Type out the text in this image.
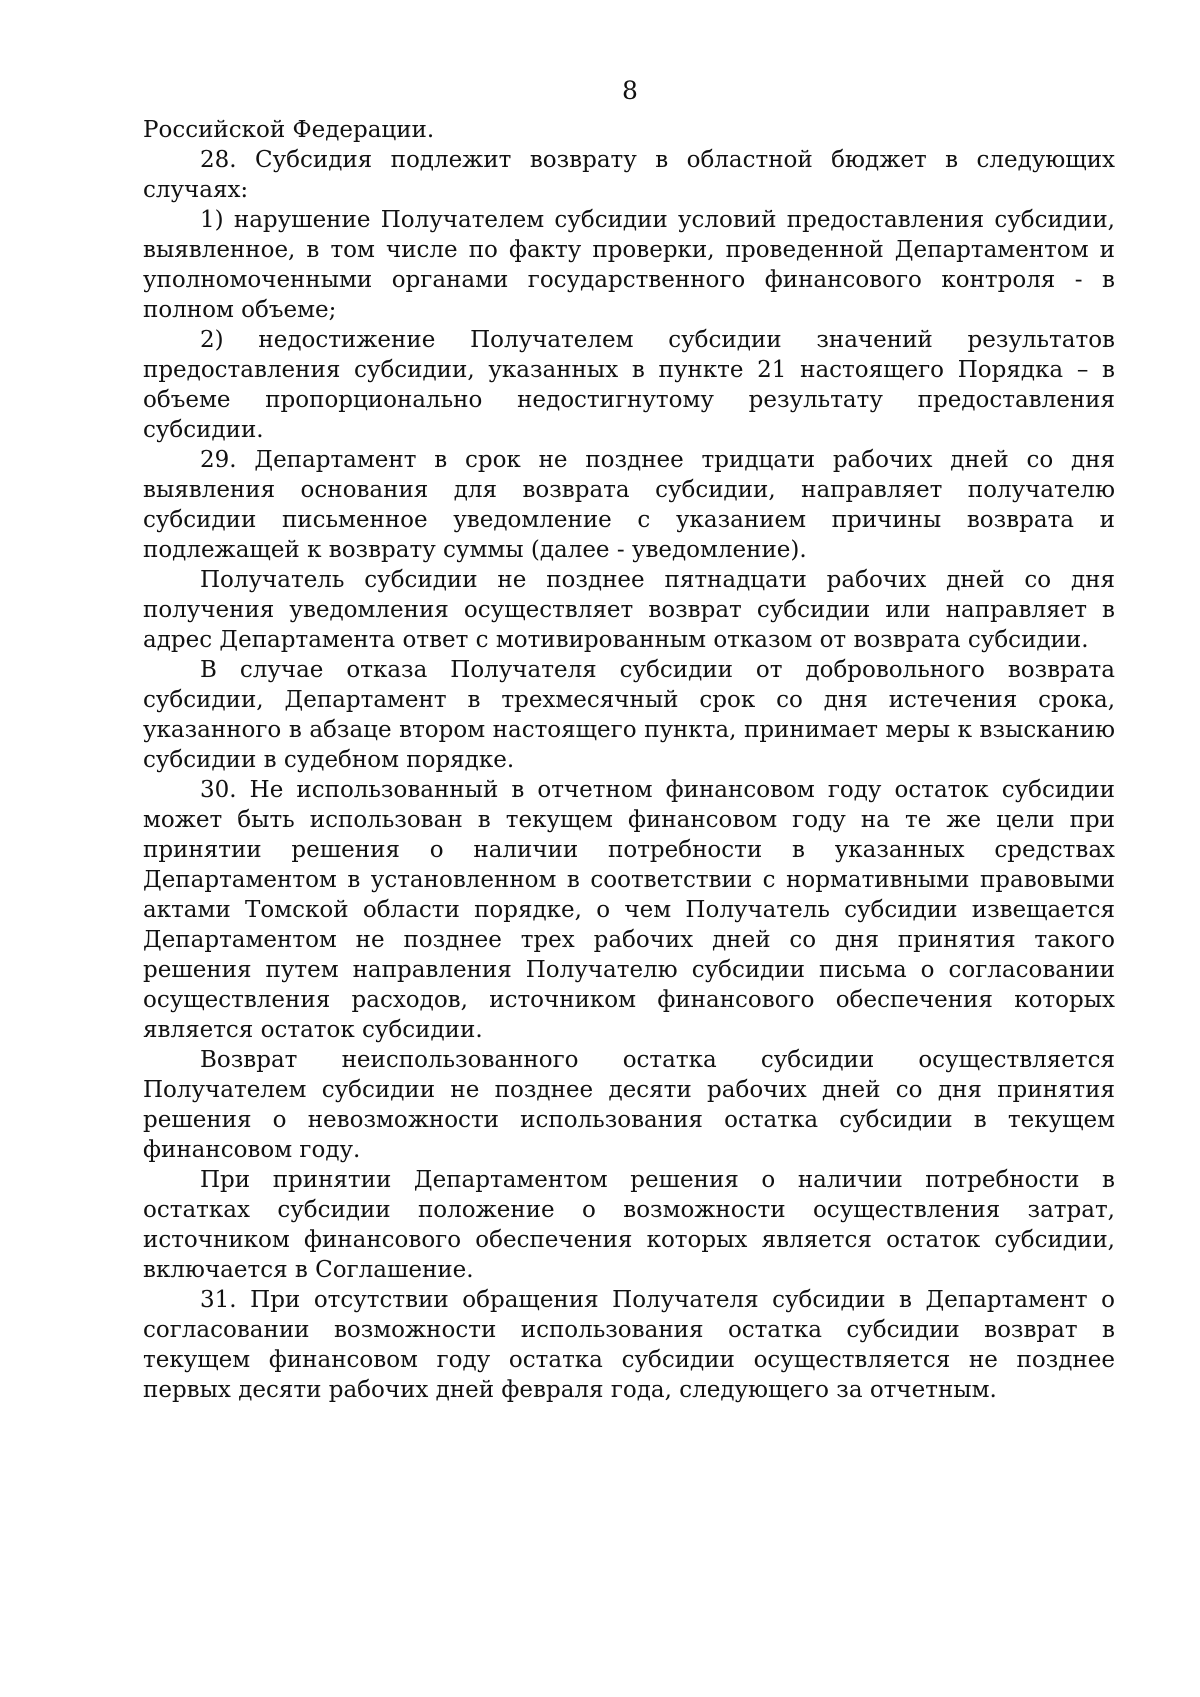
8

Российской Федерации.

28. Субсидия подлежит возврату в областной бюджет в следующих случаях:

1) нарушение Получателем субсидии условий предоставления субсидии, выявленное, в том числе по факту проверки, проведенной Департаментом и уполномоченными органами государственного финансового контроля - в полном объеме;

2) недостижение Получателем субсидии значений результатов предоставления субсидии, указанных в пункте 21 настоящего Порядка – в объеме пропорционально недостигнутому результату предоставления субсидии.

29. Департамент в срок не позднее тридцати рабочих дней со дня выявления основания для возврата субсидии, направляет получателю субсидии письменное уведомление с указанием причины возврата и подлежащей к возврату суммы (далее - уведомление).

Получатель субсидии не позднее пятнадцати рабочих дней со дня получения уведомления осуществляет возврат субсидии или направляет в адрес Департамента ответ с мотивированным отказом от возврата субсидии.

В случае отказа Получателя субсидии от добровольного возврата субсидии, Департамент в трехмесячный срок со дня истечения срока, указанного в абзаце втором настоящего пункта, принимает меры к взысканию субсидии в судебном порядке.

30. Не использованный в отчетном финансовом году остаток субсидии может быть использован в текущем финансовом году на те же цели при принятии решения о наличии потребности в указанных средствах Департаментом в установленном в соответствии с нормативными правовыми актами Томской области порядке, о чем Получатель субсидии извещается Департаментом не позднее трех рабочих дней со дня принятия такого решения путем направления Получателю субсидии письма о согласовании осуществления расходов, источником финансового обеспечения которых является остаток субсидии.

Возврат неиспользованного остатка субсидии осуществляется Получателем субсидии не позднее десяти рабочих дней со дня принятия решения о невозможности использования остатка субсидии в текущем финансовом году.

При принятии Департаментом решения о наличии потребности в остатках субсидии положение о возможности осуществления затрат, источником финансового обеспечения которых является остаток субсидии, включается в Соглашение.

31. При отсутствии обращения Получателя субсидии в Департамент о согласовании возможности использования остатка субсидии возврат в текущем финансовом году остатка субсидии осуществляется не позднее первых десяти рабочих дней февраля года, следующего за отчетным.
